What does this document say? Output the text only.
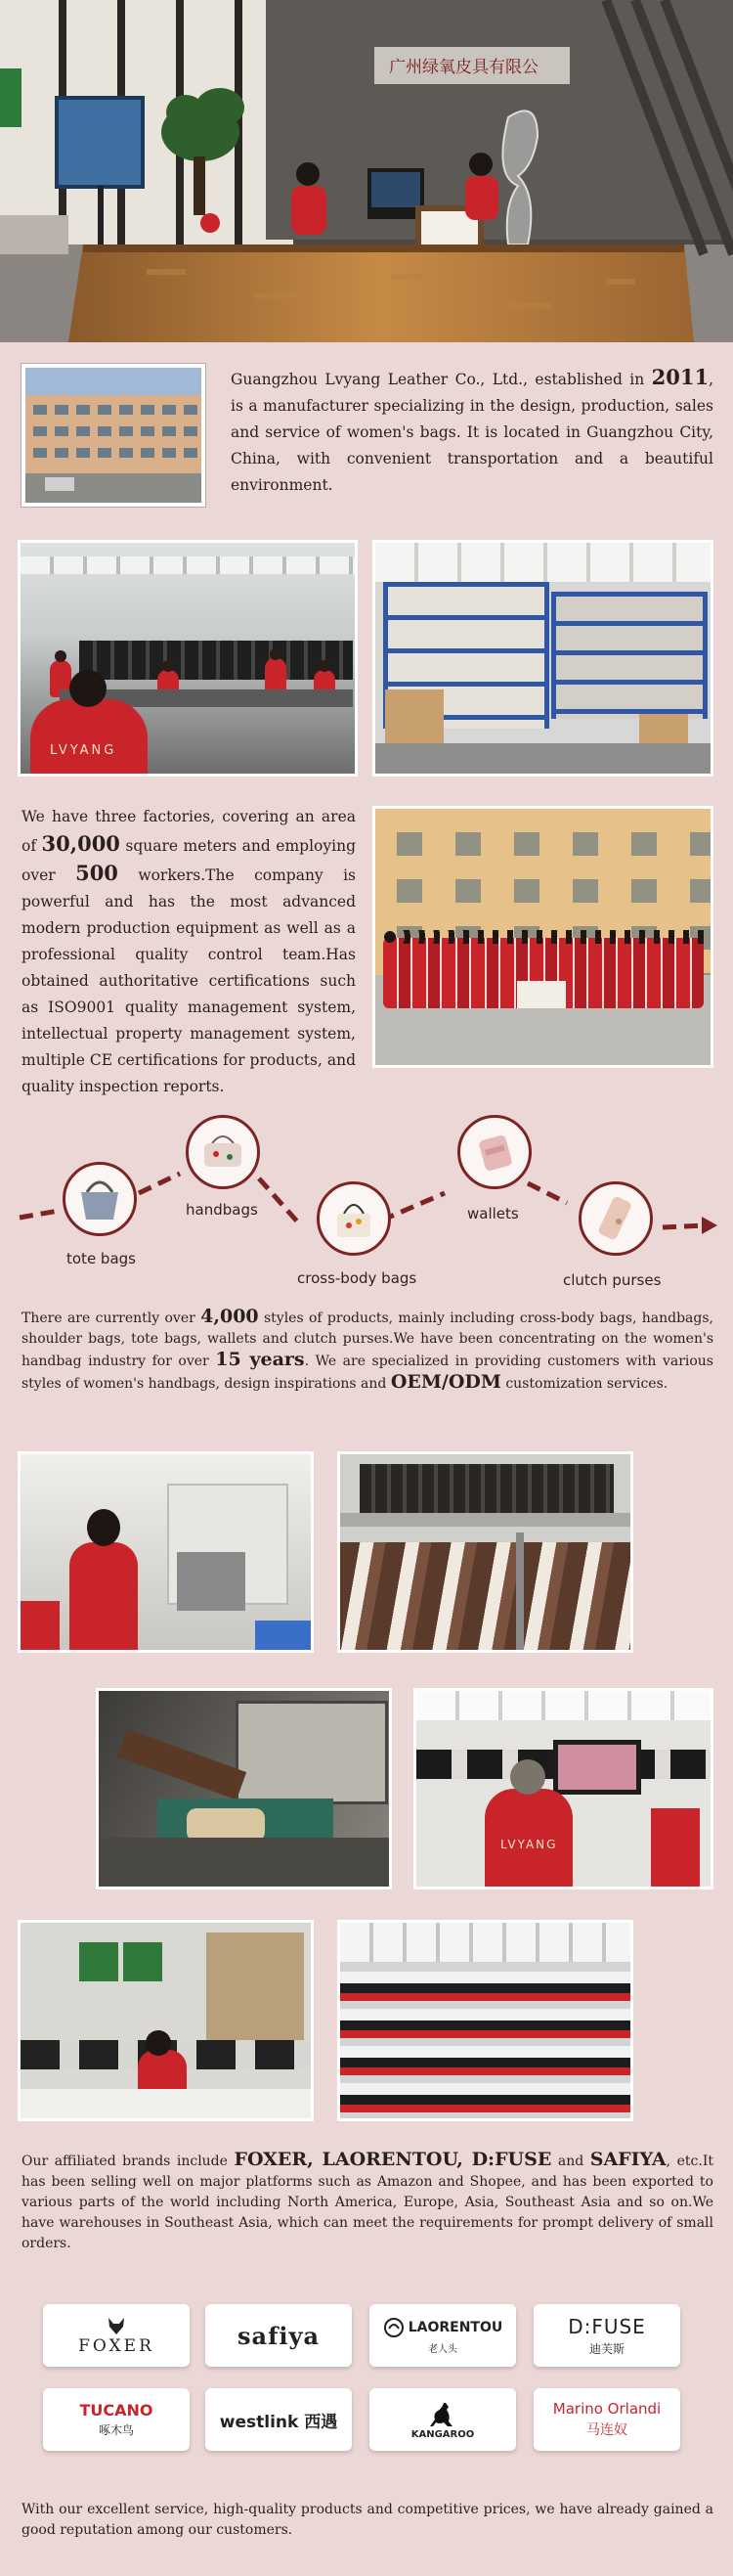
广州绿氧皮具有限公
Guangzhou Lvyang Leather Co., Ltd., established in 2011, is a manufacturer specializing in the design, production, sales and service of women's bags. It is located in Guangzhou City, China, with convenient transportation and a beautiful environment.
LVYANG
We have three factories, covering an area of 30,000 square meters and employing over 500 workers.The company is powerful and has the most advanced modern production equipment as well as a professional quality control team.Has obtained authoritative certifications such as ISO9001 quality management system, intellectual property management system, multiple CE certifications for products, and quality inspection reports.
tote bags
handbags
cross-body bags
wallets
clutch purses
There are currently over 4,000 styles of products, mainly including cross-body bags, handbags, shoulder bags, tote bags, wallets and clutch purses.We have been concentrating on the women's handbag industry for over 15 years. We are specialized in providing customers with various styles of women's handbags, design inspirations and OEM/ODM customization services.
LVYANG
Our affiliated brands include FOXER, LAORENTOU, D:FUSE and SAFIYA, etc.It has been selling well on major platforms such as Amazon and Shopee, and has been exported to various parts of the world including North America, Europe, Asia, Southeast Asia and so on.We have warehouses in Southeast Asia, which can meet the requirements for prompt delivery of small orders.
FOXER	safiya	LAORENTOU
老人头
D:FUSE
迪芙斯
TUCANO
啄木鸟	westlink 西遇
KANGAROO
Marino Orlandi
马连奴
With our excellent service, high-quality products and competitive prices, we have already gained a good reputation among our customers.
